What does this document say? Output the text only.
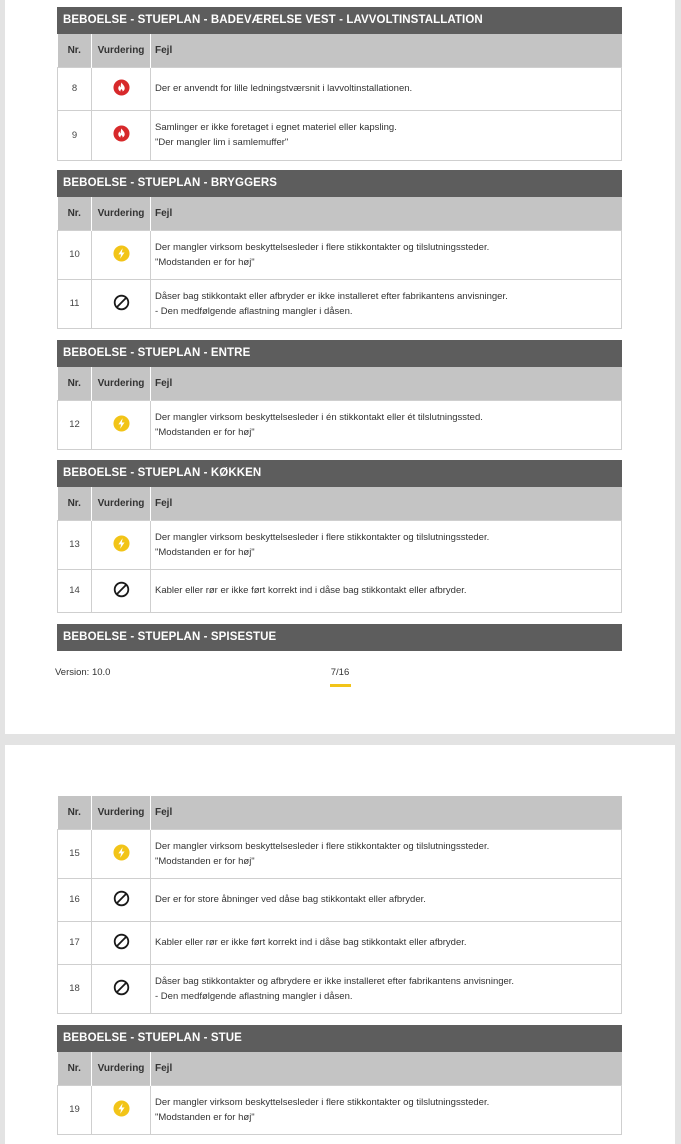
BEBOELSE - STUEPLAN - BADEVÆRELSE VEST - LAVVOLTINSTALLATION
Nr.	Vurdering	Fejl
8		Der er anvendt for lille ledningstværsnit i lavvoltinstallationen.

9		Samlinger er ikke foretaget i egnet materiel eller kapsling.
"Der mangler lim i samlemuffer"
BEBOELSE - STUEPLAN - BRYGGERS
Nr.	Vurdering	Fejl
10		Der mangler virksom beskyttelsesleder i flere stikkontakter og tilslutningssteder.
"Modstanden er for høj"

11		Dåser bag stikkontakt eller afbryder er ikke installeret efter fabrikantens anvisninger.
- Den medfølgende aflastning mangler i dåsen.
BEBOELSE - STUEPLAN - ENTRE
Nr.	Vurdering	Fejl
12		Der mangler virksom beskyttelsesleder i én stikkontakt eller ét tilslutningssted.
"Modstanden er for høj"
BEBOELSE - STUEPLAN - KØKKEN
Nr.	Vurdering	Fejl
13		Der mangler virksom beskyttelsesleder i flere stikkontakter og tilslutningssteder.
"Modstanden er for høj"

14		Kabler eller rør er ikke ført korrekt ind i dåse bag stikkontakt eller afbryder.
BEBOELSE - STUEPLAN - SPISESTUE
Version: 10.0	7/16
Nr.	Vurdering	Fejl
15		Der mangler virksom beskyttelsesleder i flere stikkontakter og tilslutningssteder.
"Modstanden er for høj"

16		Der er for store åbninger ved dåse bag stikkontakt eller afbryder.

17		Kabler eller rør er ikke ført korrekt ind i dåse bag stikkontakt eller afbryder.

18		Dåser bag stikkontakter og afbrydere er ikke installeret efter fabrikantens anvisninger.
- Den medfølgende aflastning mangler i dåsen.
BEBOELSE - STUEPLAN - STUE
Nr.	Vurdering	Fejl
19		Der mangler virksom beskyttelsesleder i flere stikkontakter og tilslutningssteder.
"Modstanden er for høj"
